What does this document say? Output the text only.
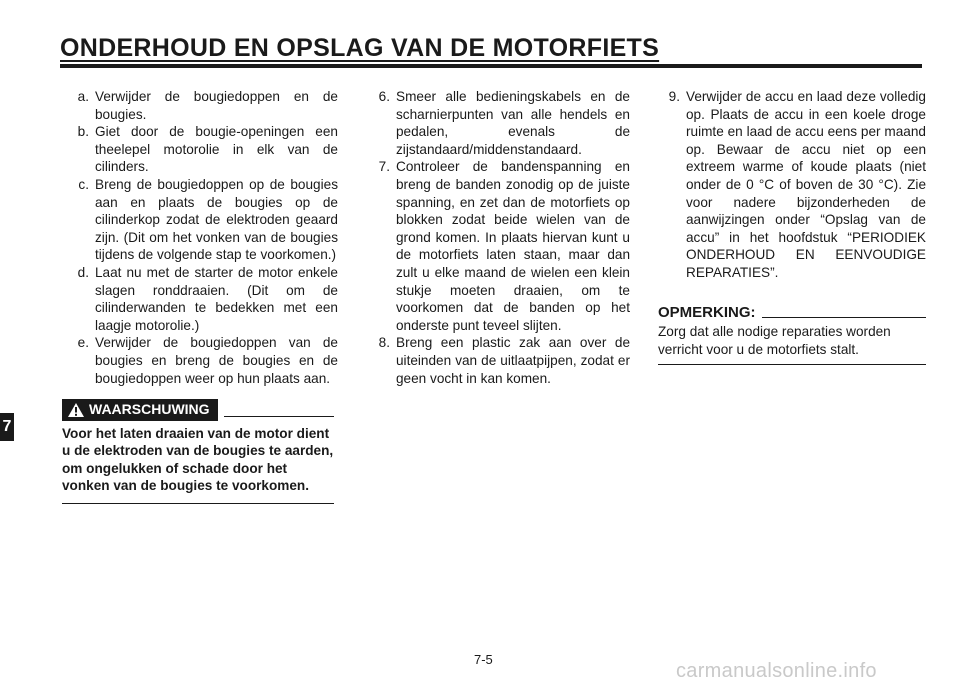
ONDERHOUD EN OPSLAG VAN DE MOTORFIETS
7
a. Verwijder de bougiedoppen en de bougies.
b. Giet door de bougie-openingen een theelepel motorolie in elk van de cilinders.
c. Breng de bougiedoppen op de bougies aan en plaats de bougies op de cilinderkop zodat de elektroden geaard zijn. (Dit om het vonken van de bougies tijdens de volgende stap te voorkomen.)
d. Laat nu met de starter de motor enkele slagen ronddraaien. (Dit om de cilinderwanden te bedekken met een laagje motorolie.)
e. Verwijder de bougiedoppen van de bougies en breng de bougies en de bougiedoppen weer op hun plaats aan.
WAARSCHUWING
Voor het laten draaien van de motor dient u de elektroden van de bougies te aarden, om ongelukken of schade door het vonken van de bougies te voorkomen.
6. Smeer alle bedieningskabels en de scharnierpunten van alle hendels en pedalen, evenals de zijstandaard/middenstandaard.
7. Controleer de bandenspanning en breng de banden zonodig op de juiste spanning, en zet dan de motorfiets op blokken zodat beide wielen van de grond komen. In plaats hiervan kunt u de motorfiets laten staan, maar dan zult u elke maand de wielen een klein stukje moeten draaien, om te voorkomen dat de banden op het onderste punt teveel slijten.
8. Breng een plastic zak aan over de uiteinden van de uitlaatpijpen, zodat er geen vocht in kan komen.
9. Verwijder de accu en laad deze volledig op. Plaats de accu in een koele droge ruimte en laad de accu eens per maand op. Bewaar de accu niet op een extreem warme of koude plaats (niet onder de 0 °C of boven de 30 °C). Zie voor nadere bijzonderheden de aanwijzingen onder “Opslag van de accu” in het hoofdstuk “PERIODIEK ONDERHOUD EN EENVOUDIGE REPARATIES”.
OPMERKING:
Zorg dat alle nodige reparaties worden verricht voor u de motorfiets stalt.
7-5
carmanualsonline.info
